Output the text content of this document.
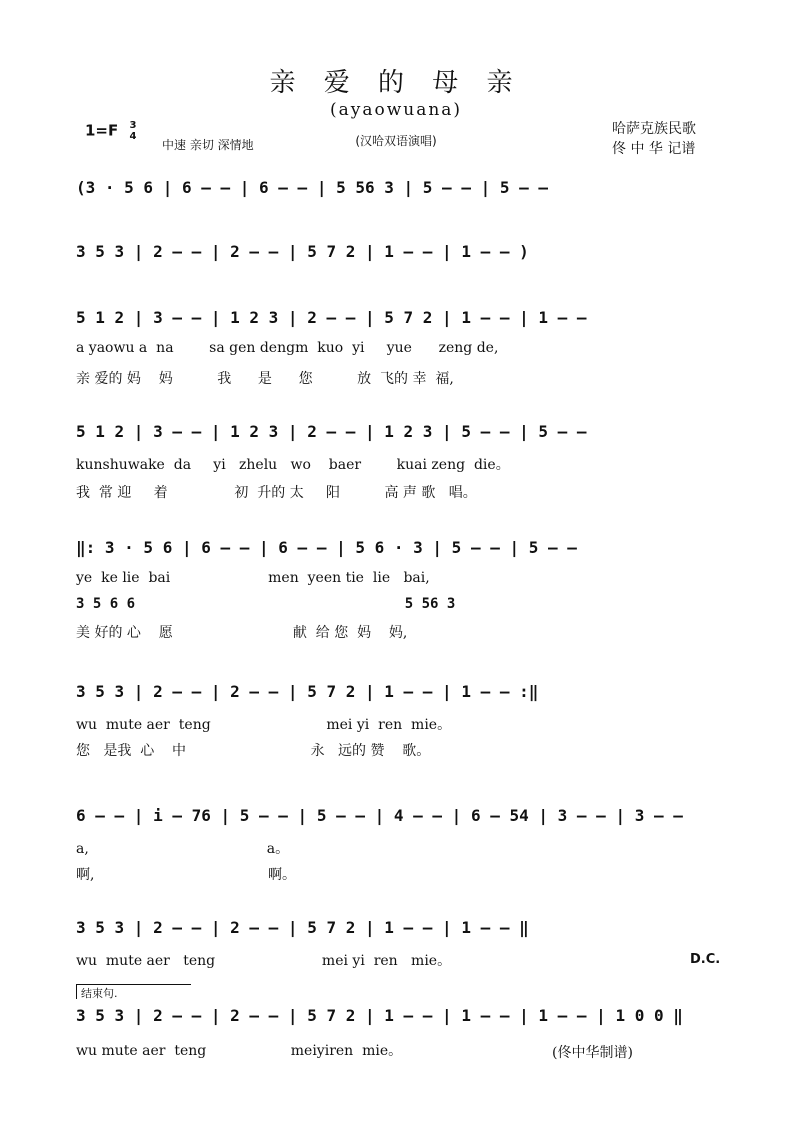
亲 爱 的 母 亲
(ayaowuana)
(汉哈双语演唱)
1=F 3
4
中速 亲切 深情地
哈萨克族民歌
佟 中 华 记谱
(3 · 5 6 | 6 – – | 6 – – | 5 56 3 | 5 – – | 5 – –
3 5 3 | 2 – – | 2 – – | 5 7 2 | 1 – – | 1 – – )
5 1 2 | 3 – – | 1 2 3 | 2 – – | 5 7 2 | 1 – – | 1 – –
a yaowu a  na        sa gen dengm  kuo  yi     yue      zeng de,
亲 爱的 妈    妈          我      是      您          放  飞的 幸  福,
5 1 2 | 3 – – | 1 2 3 | 2 – – | 1 2 3 | 5 – – | 5 – –
kunshuwake  da     yi   zhelu   wo    baer        kuai zeng  die。
我  常 迎     着               初  升的 太     阳          高 声 歌   唱。
‖: 3 · 5 6 | 6 – – | 6 – – | 5 6 · 3 | 5 – – | 5 – –
ye  ke lie  bai                      men  yeen tie  lie   bai,
3 5 6 6                                5 56 3
美 好的 心    愿                           献  给 您  妈    妈,
3 5 3 | 2 – – | 2 – – | 5 7 2 | 1 – – | 1 – – :‖
wu  mute aer  teng                          mei yi  ren  mie。
您   是我  心    中                            永   远的 赞    歌。
6 – – | i – 76 | 5 – – | 5 – – | 4 – – | 6 – 54 | 3 – – | 3 – –
a,                                        a。
啊,                                       啊。
3 5 3 | 2 – – | 2 – – | 5 7 2 | 1 – – | 1 – – ‖
wu  mute aer   teng                        mei yi  ren   mie。	D.C.
结束句.
3 5 3 | 2 – – | 2 – – | 5 7 2 | 1 – – | 1 – – | 1 – – | 1 0 0 ‖
wu mute aer  teng                   meiyiren  mie。	(佟中华制谱)
